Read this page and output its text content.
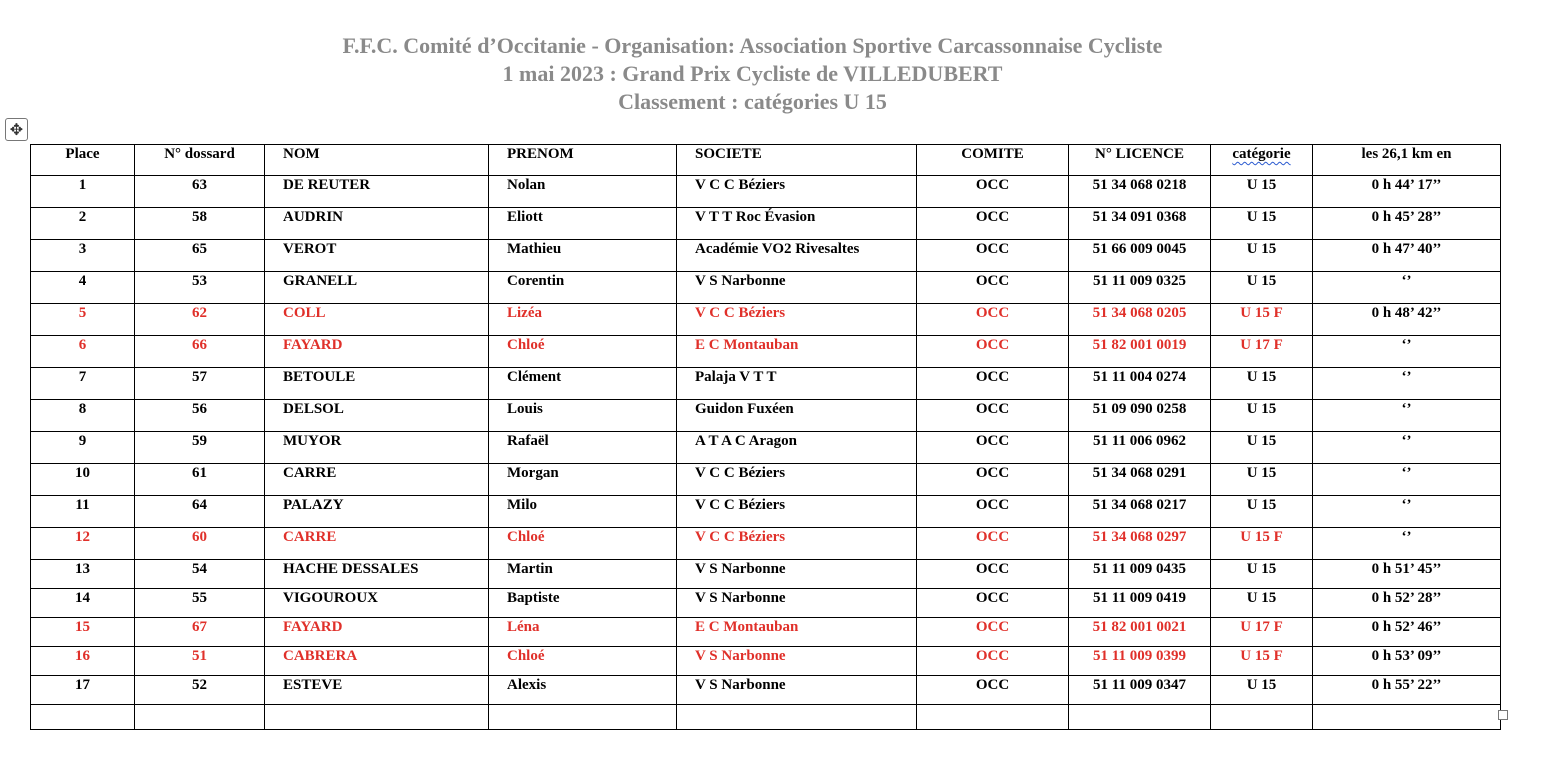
F.F.C. Comité d’Occitanie - Organisation: Association Sportive Carcassonnaise Cycliste
1 mai 2023 : Grand Prix Cycliste de VILLEDUBERT
Classement : catégories U 15
✥
Place	N° dossard	NOM	PRENOM	SOCIETE	COMITE	N° LICENCE	catégorie	les 26,1 km en
1	63	DE REUTER	Nolan	V C C Béziers	OCC	51 34 068 0218	U 15	0 h 44’ 17’’
2	58	AUDRIN	Eliott	V T T Roc Évasion	OCC	51 34 091 0368	U 15	0 h 45’ 28’’
3	65	VEROT	Mathieu	Académie VO2 Rivesaltes	OCC	51 66 009 0045	U 15	0 h 47’ 40’’
4	53	GRANELL	Corentin	V S Narbonne	OCC	51 11 009 0325	U 15	‘’
5	62	COLL	Lizéa	V C C Béziers	OCC	51 34 068 0205	U 15 F	0 h 48’ 42’’
6	66	FAYARD	Chloé	E C Montauban	OCC	51 82 001 0019	U 17 F	‘’
7	57	BETOULE	Clément	Palaja V T T	OCC	51 11 004 0274	U 15	‘’
8	56	DELSOL	Louis	Guidon Fuxéen	OCC	51 09 090 0258	U 15	‘’
9	59	MUYOR	Rafaël	A T A C Aragon	OCC	51 11 006 0962	U 15	‘’
10	61	CARRE	Morgan	V C C Béziers	OCC	51 34 068 0291	U 15	‘’
11	64	PALAZY	Milo	V C C Béziers	OCC	51 34 068 0217	U 15	‘’
12	60	CARRE	Chloé	V C C Béziers	OCC	51 34 068 0297	U 15 F	‘’
13	54	HACHE DESSALES	Martin	V S Narbonne	OCC	51 11 009 0435	U 15	0 h 51’ 45’’
14	55	VIGOUROUX	Baptiste	V S Narbonne	OCC	51 11 009 0419	U 15	0 h 52’ 28’’
15	67	FAYARD	Léna	E C Montauban	OCC	51 82 001 0021	U 17 F	0 h 52’ 46’’
16	51	CABRERA	Chloé	V S Narbonne	OCC	51 11 009 0399	U 15 F	0 h 53’ 09’’
17	52	ESTEVE	Alexis	V S Narbonne	OCC	51 11 009 0347	U 15	0 h 55’ 22’’
